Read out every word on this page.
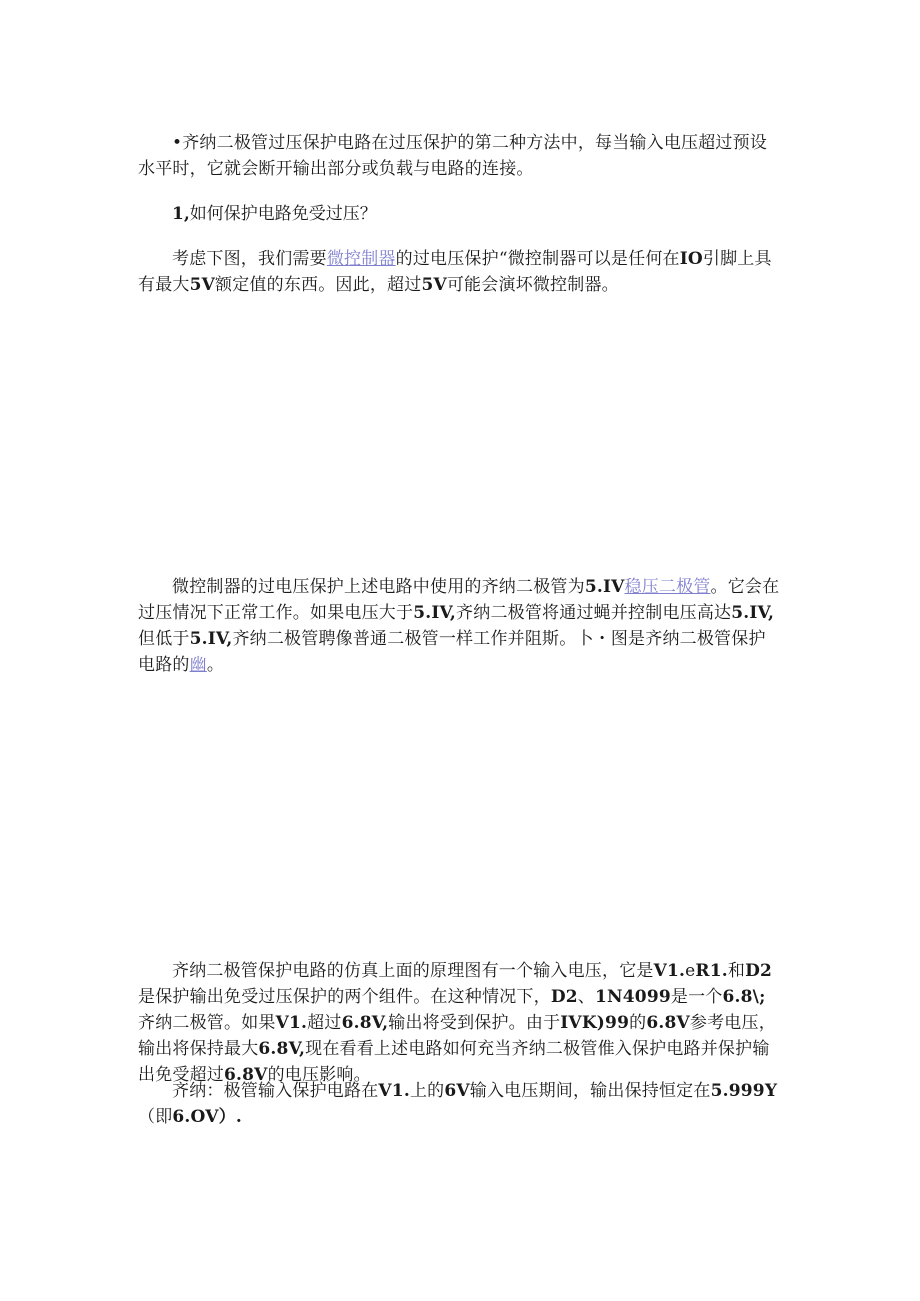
•齐纳二极管过压保护电路在过压保护的第二种方法中，每当输入电压超过预设水平时，它就会断开输出部分或负载与电路的连接。

1,如何保护电路免受过压？

考虑下图，我们需要微控制器的过电压保护“微控制器可以是任何在IO引脚上具有最大5V额定值的东西。因此，超过5V可能会演坏微控制器。

微控制器的过电压保护上述电路中使用的齐纳二极管为5.IV稳压二极管。它会在过压情况下正常工作。如果电压大于5.IV,齐纳二极管将通过蝇并控制电压高达5.IV,但低于5.IV,齐纳二极管聘像普通二极管一样工作并阻斯。卜・图是齐纳二极管保护电路的幽。

齐纳二极管保护电路的仿真上面的原理图有一个输入电压，它是V1.eR1.和D2是保护输出免受过压保护的两个组件。在这种情况下，D2、1N4099是一个6.8\;齐纳二极管。如果V1.超过6.8V,输出将受到保护。由于IVK)99的6.8V参考电压，输出将保持最大6.8V,现在看看上述电路如何充当齐纳二极管倠入保护电路并保护输出免受超过6.8V的电压影响。

齐纳：极管输入保护电路在V1.上的6V输入电压期间，输出保持恒定在5.999Y（即6.OV）.
